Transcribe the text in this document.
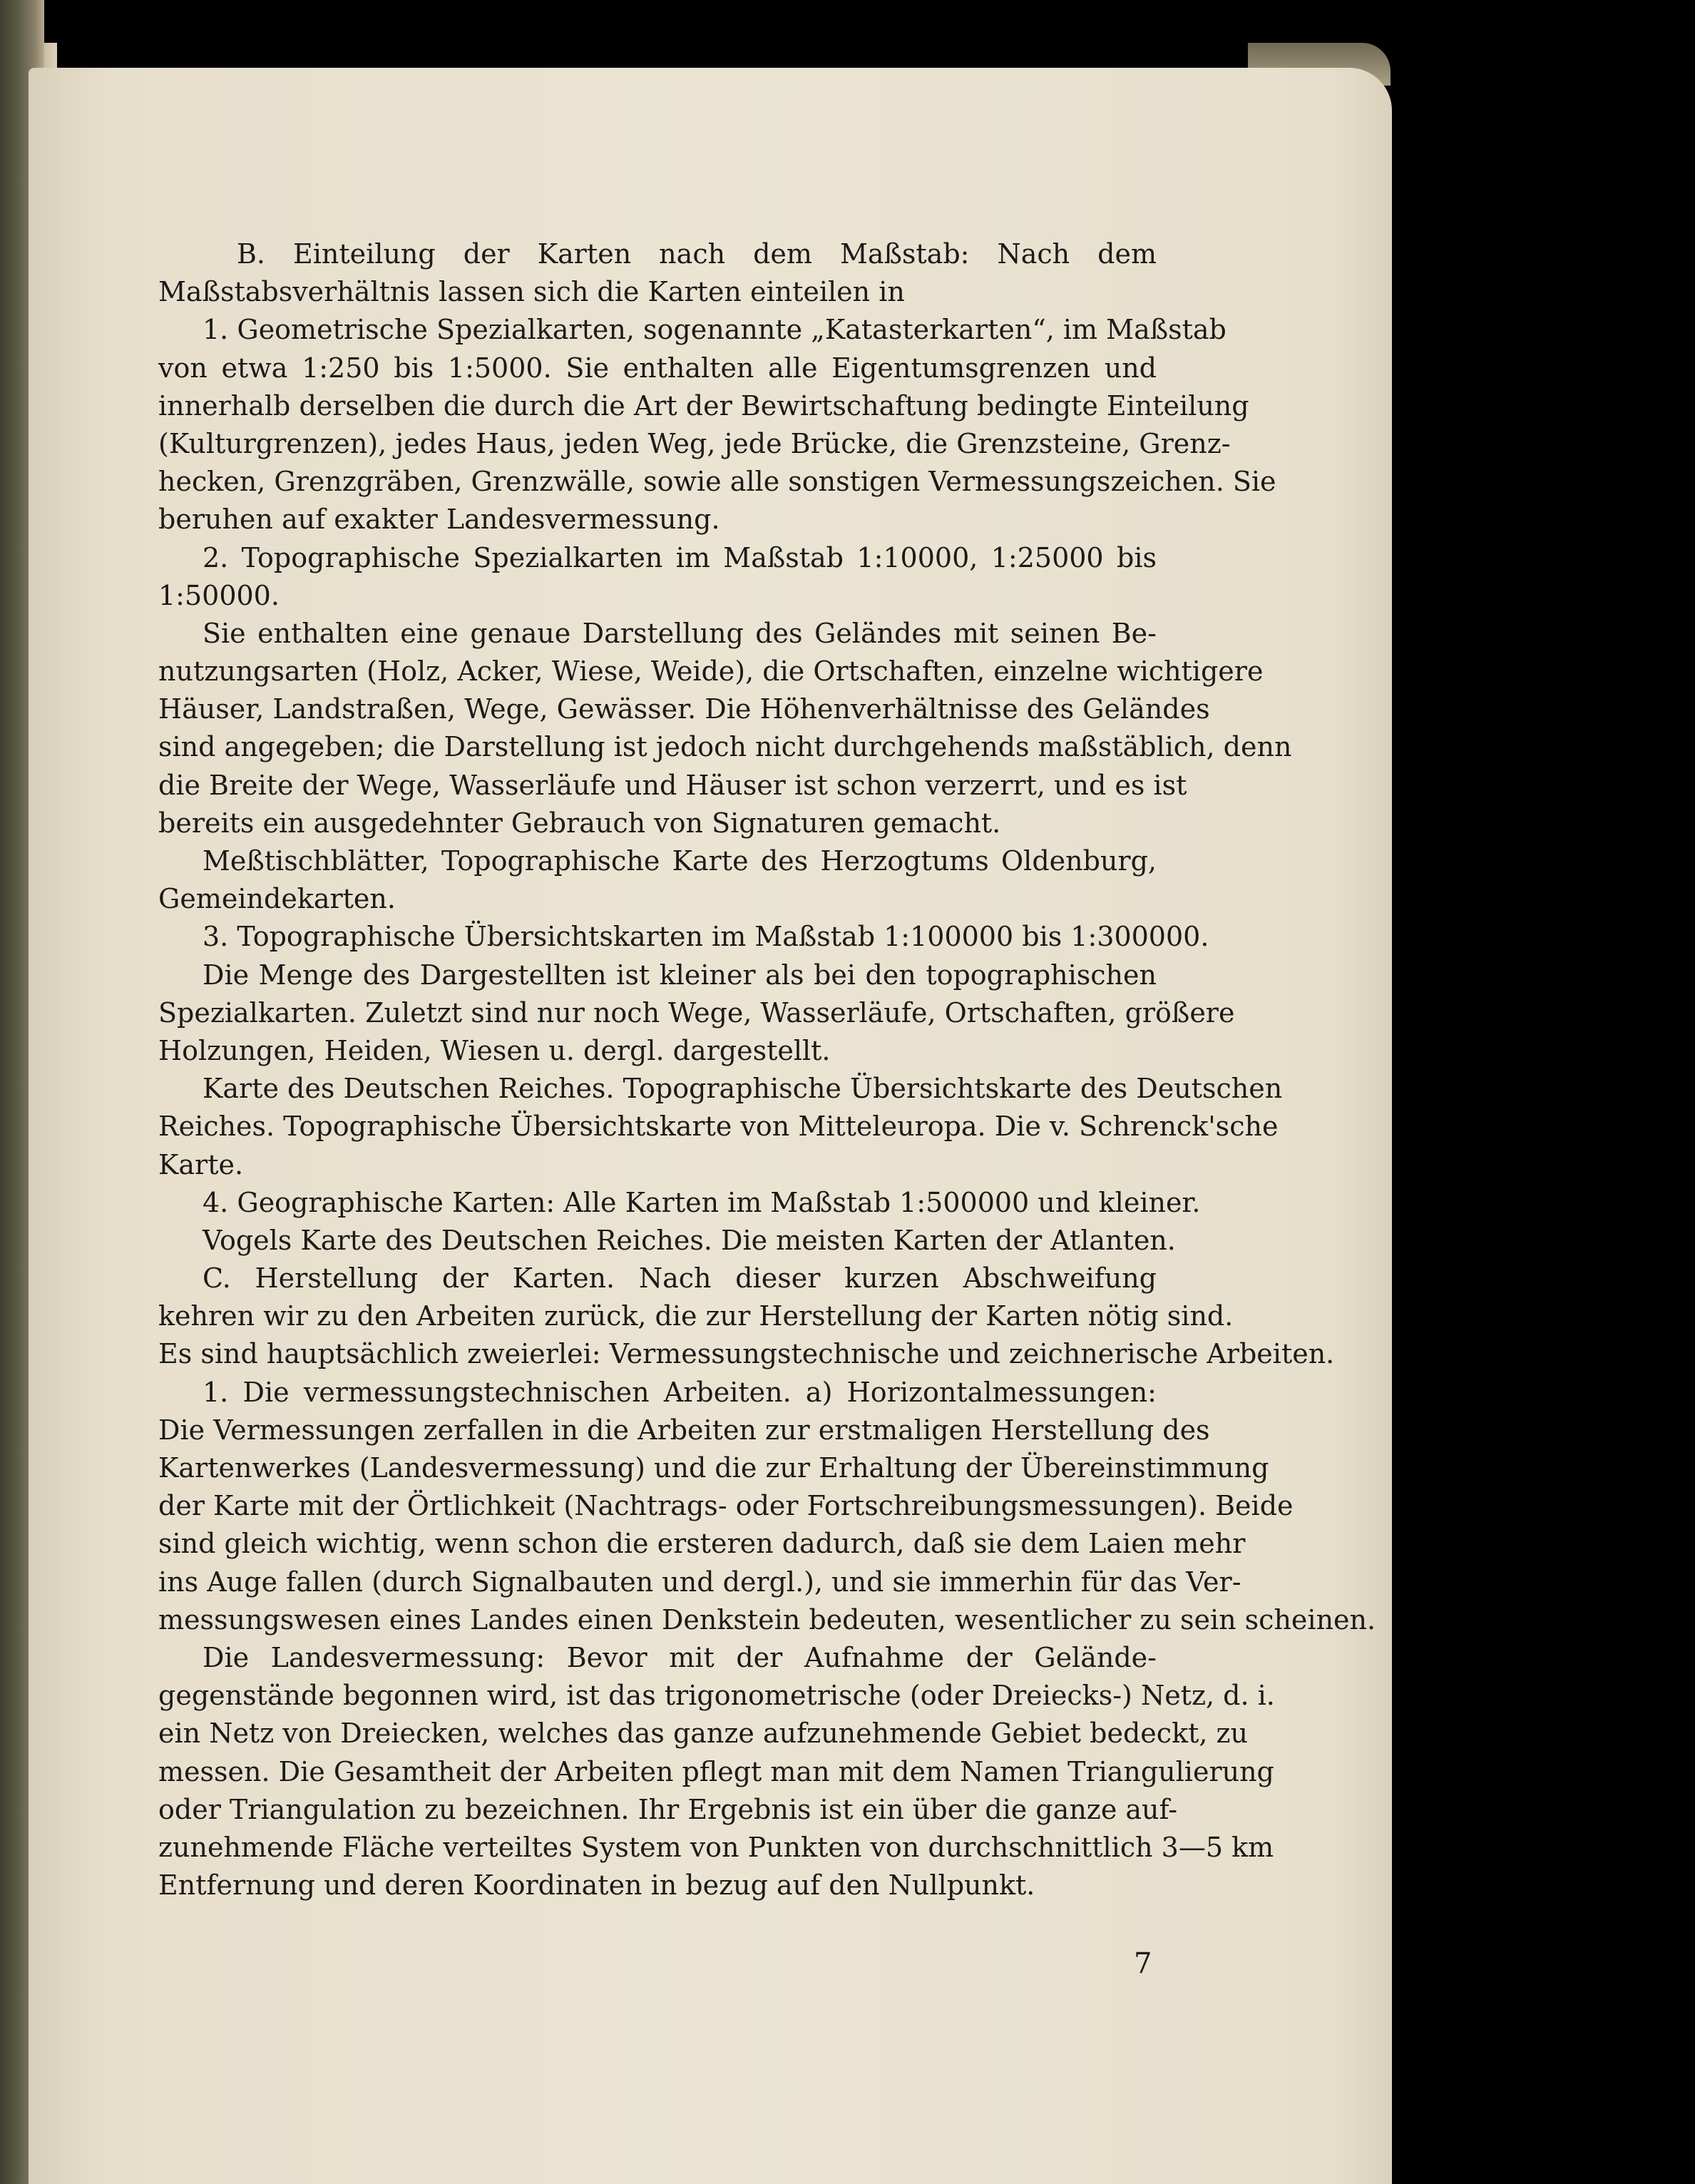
B. Einteilung der Karten nach dem Maßstab: Nach dem
Maßstabsverhältnis lassen sich die Karten einteilen in
1. Geometrische Spezialkarten, sogenannte „Katasterkarten“, im Maßstab
von etwa 1:250 bis 1:5000. Sie enthalten alle Eigentumsgrenzen und
innerhalb derselben die durch die Art der Bewirtschaftung bedingte Einteilung
(Kulturgrenzen), jedes Haus, jeden Weg, jede Brücke, die Grenzsteine, Grenz-
hecken, Grenzgräben, Grenzwälle, sowie alle sonstigen Vermessungszeichen. Sie
beruhen auf exakter Landesvermessung.
2. Topographische Spezialkarten im Maßstab 1:10000, 1:25000 bis
1:50000.
Sie enthalten eine genaue Darstellung des Geländes mit seinen Be-
nutzungsarten (Holz, Acker, Wiese, Weide), die Ortschaften, einzelne wichtigere
Häuser, Landstraßen, Wege, Gewässer. Die Höhenverhältnisse des Geländes
sind angegeben; die Darstellung ist jedoch nicht durchgehends maßstäblich, denn
die Breite der Wege, Wasserläufe und Häuser ist schon verzerrt, und es ist
bereits ein ausgedehnter Gebrauch von Signaturen gemacht.
Meßtischblätter, Topographische Karte des Herzogtums Oldenburg,
Gemeindekarten.
3. Topographische Übersichtskarten im Maßstab 1:100000 bis 1:300000.
Die Menge des Dargestellten ist kleiner als bei den topographischen
Spezialkarten. Zuletzt sind nur noch Wege, Wasserläufe, Ortschaften, größere
Holzungen, Heiden, Wiesen u. dergl. dargestellt.
Karte des Deutschen Reiches. Topographische Übersichtskarte des Deutschen
Reiches. Topographische Übersichtskarte von Mitteleuropa. Die v. Schrenck'sche
Karte.
4. Geographische Karten: Alle Karten im Maßstab 1:500000 und kleiner.
Vogels Karte des Deutschen Reiches. Die meisten Karten der Atlanten.
C. Herstellung der Karten. Nach dieser kurzen Abschweifung
kehren wir zu den Arbeiten zurück, die zur Herstellung der Karten nötig sind.
Es sind hauptsächlich zweierlei: Vermessungstechnische und zeichnerische Arbeiten.
1. Die vermessungstechnischen Arbeiten. a) Horizontalmessungen:
Die Vermessungen zerfallen in die Arbeiten zur erstmaligen Herstellung des
Kartenwerkes (Landesvermessung) und die zur Erhaltung der Übereinstimmung
der Karte mit der Örtlichkeit (Nachtrags- oder Fortschreibungsmessungen). Beide
sind gleich wichtig, wenn schon die ersteren dadurch, daß sie dem Laien mehr
ins Auge fallen (durch Signalbauten und dergl.), und sie immerhin für das Ver-
messungswesen eines Landes einen Denkstein bedeuten, wesentlicher zu sein scheinen.
Die Landesvermessung: Bevor mit der Aufnahme der Gelände-
gegenstände begonnen wird, ist das trigonometrische (oder Dreiecks-) Netz, d. i.
ein Netz von Dreiecken, welches das ganze aufzunehmende Gebiet bedeckt, zu
messen. Die Gesamtheit der Arbeiten pflegt man mit dem Namen Triangulierung
oder Triangulation zu bezeichnen. Ihr Ergebnis ist ein über die ganze auf-
zunehmende Fläche verteiltes System von Punkten von durchschnittlich 3—5 km
Entfernung und deren Koordinaten in bezug auf den Nullpunkt.
7
